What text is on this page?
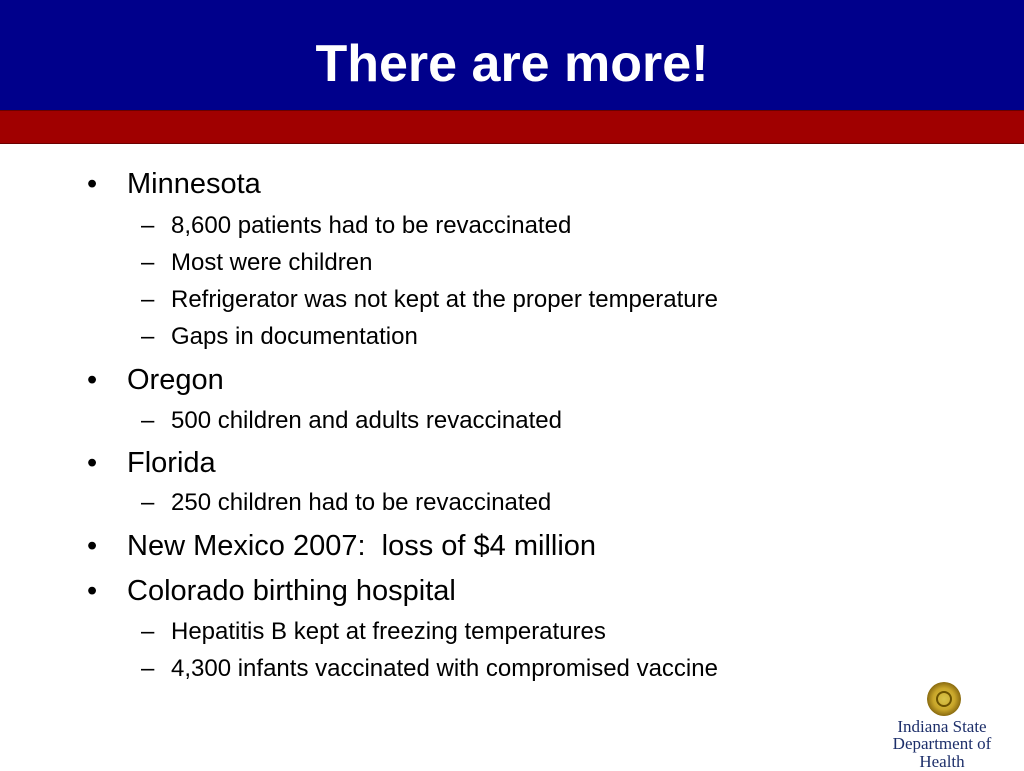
There are more!
• Minnesota
– 8,600 patients had to be revaccinated
– Most were children
– Refrigerator was not kept at the proper temperature
– Gaps in documentation
• Oregon
– 500 children and adults revaccinated
• Florida
– 250 children had to be revaccinated
• New Mexico 2007:  loss of $4 million
• Colorado birthing hospital
– Hepatitis B kept at freezing temperatures
– 4,300 infants vaccinated with compromised vaccine
Indiana State
Department of Health
